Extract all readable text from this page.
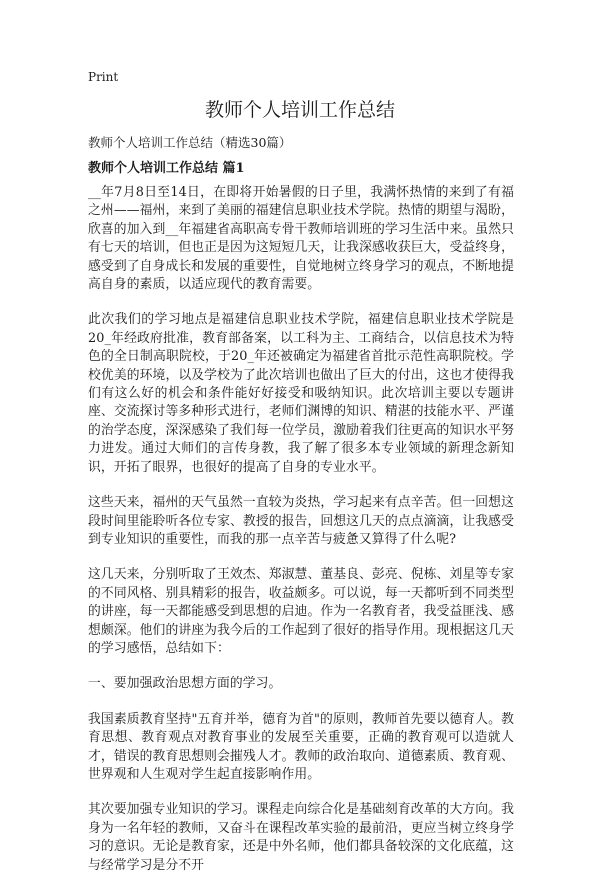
Print
教师个人培训工作总结

教师个人培训工作总结（精选30篇）

教师个人培训工作总结 篇1

__年7月8日至14日，在即将开始暑假的日子里，我满怀热情的来到了有福之州——福州，来到了美丽的福建信息职业技术学院。热情的期望与渴盼，欣喜的加入到__年福建省高职高专骨干教师培训班的学习生活中来。虽然只有七天的培训，但也正是因为这短短几天，让我深感收获巨大，受益终身，感受到了自身成长和发展的重要性，自觉地树立终身学习的观点，不断地提高自身的素质，以适应现代的教育需要。

此次我们的学习地点是福建信息职业技术学院，福建信息职业技术学院是20_年经政府批准，教育部备案，以工科为主、工商结合，以信息技术为特色的全日制高职院校，于20_年还被确定为福建省首批示范性高职院校。学校优美的环境，以及学校为了此次培训也做出了巨大的付出，这也才使得我们有这么好的机会和条件能好好接受和吸纳知识。此次培训主要以专题讲座、交流探讨等多种形式进行，老师们渊博的知识、精湛的技能水平、严谨的治学态度，深深感染了我们每一位学员，激励着我们往更高的知识水平努力进发。通过大师们的言传身教，我了解了很多本专业领域的新理念新知识，开拓了眼界，也很好的提高了自身的专业水平。

这些天来，福州的天气虽然一直较为炎热，学习起来有点辛苦。但一回想这段时间里能聆听各位专家、教授的报告，回想这几天的点点滴滴，让我感受到专业知识的重要性，而我的那一点辛苦与疲惫又算得了什么呢?

这几天来，分别听取了王效杰、郑淑慧、董基良、彭亮、倪栋、刘星等专家的不同风格、别具精彩的报告，收益颇多。可以说，每一天都听到不同类型的讲座，每一天都能感受到思想的启迪。作为一名教育者，我受益匪浅、感想颇深。他们的讲座为我今后的工作起到了很好的指导作用。现根据这几天的学习感悟，总结如下：

一、要加强政治思想方面的学习。

我国素质教育坚持"五育并举，德育为首"的原则，教师首先要以德育人。教育思想、教育观点对教育事业的发展至关重要，正确的教育观可以造就人才，错误的教育思想则会摧残人才。教师的政治取向、道德素质、教育观、世界观和人生观对学生起直接影响作用。

其次要加强专业知识的学习。课程走向综合化是基础刻育改革的大方向。我身为一名年轻的教师，又奋斗在课程改革实验的最前沿，更应当树立终身学习的意识。无论是教育家，还是中外名师，他们都具备较深的文化底蕴，这与经常学习是分不开
